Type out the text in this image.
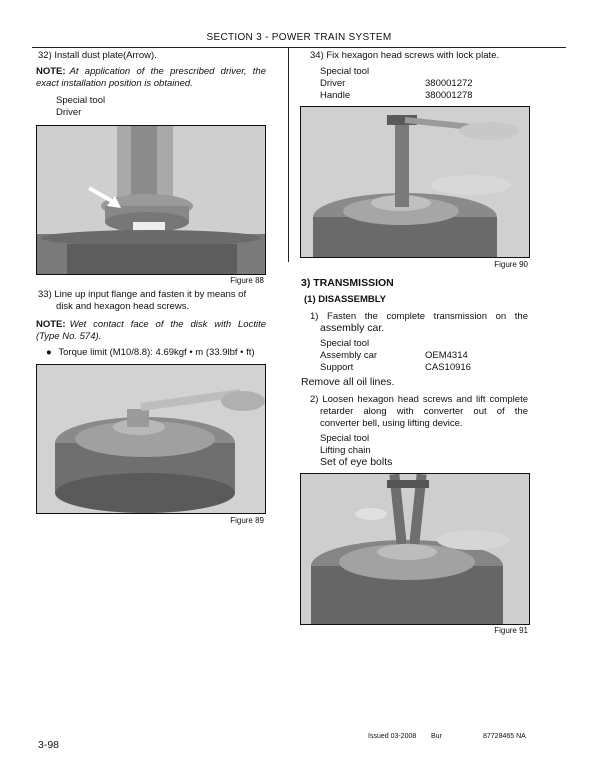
SECTION 3 - POWER TRAIN SYSTEM
32) Install dust plate(Arrow).
NOTE: At application of the prescribed driver, the
exact installation position is obtained.
Special tool
Driver
Figure 88
33) Line up input flange and fasten it by means of
disk and hexagon head screws.
NOTE: Wet contact face of the disk with Loctite
(Type No. 574).
● Torque limit (M10/8.8): 4.69kgf • m (33.9lbf • ft)
Figure 89
34) Fix hexagon head screws with lock plate.
Special tool
Driver	380001272
Handle	380001278
Figure 90
3) TRANSMISSION
(1) DISASSEMBLY
1) Fasten the complete transmission on the
assembly car.
Special tool
Assembly car	OEM4314
Support	CAS10916
Remove all oil lines.
2) Loosen hexagon head screws and lift complete
retarder along with converter out of the
converter bell, using lifting device.
Special tool
Lifting chain
Set of eye bolts
Figure 91
3-98
Issued 03-2008 Bur	87728465 NA
